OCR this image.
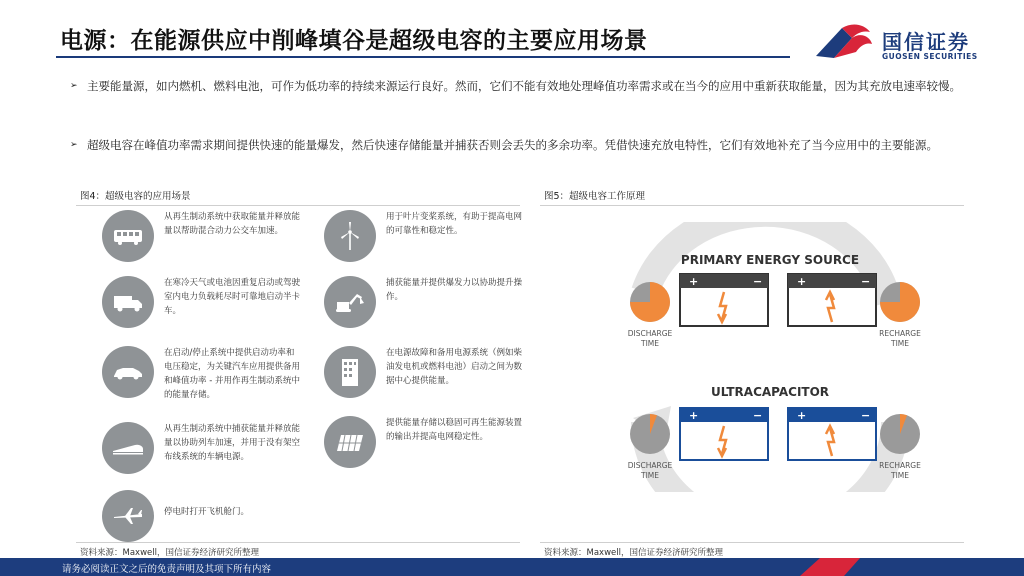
电源：在能源供应中削峰填谷是超级电容的主要应用场景	国信证券
GUOSEN SECURITIES
➢ 主要能量源，如内燃机、燃料电池，可作为低功率的持续来源运行良好。然而，它们不能有效地处理峰值功率需求或在当今的应用中重新获取能量，因为其充放电速率较慢。
➢ 超级电容在峰值功率需求期间提供快速的能量爆发，然后快速存储能量并捕获否则会丢失的多余功率。凭借快速充放电特性，它们有效地补充了当今应用中的主要能源。
图4：超级电容的应用场景
从再生制动系统中获取能量并释放能量以帮助混合动力公交车加速。
在寒冷天气或电池因重复启动或驾驶室内电力负载耗尽时可靠地启动半卡车。
在启动/停止系统中提供启动功率和电压稳定，为关键汽车应用提供备用和峰值功率 - 并用作再生制动系统中的能量存储。
从再生制动系统中捕获能量并释放能量以协助列车加速，并用于没有架空布线系统的车辆电源。
停电时打开飞机舱门。
用于叶片变桨系统，有助于提高电网的可靠性和稳定性。
捕获能量并提供爆发力以协助提升操作。
在电源故障和备用电源系统（例如柴油发电机或燃料电池）启动之间为数据中心提供能量。
提供能量存储以稳固可再生能源装置的输出并提高电网稳定性。
资料来源：Maxwell，国信证券经济研究所整理
图5：超级电容工作原理
PRIMARY ENERGY SOURCE
ULTRACAPACITOR
+	−	+	−
+	−	+	−
DISCHARGE
TIME
RECHARGE
TIME
DISCHARGE
TIME
RECHARGE
TIME
资料来源：Maxwell，国信证券经济研究所整理
请务必阅读正文之后的免责声明及其项下所有内容
